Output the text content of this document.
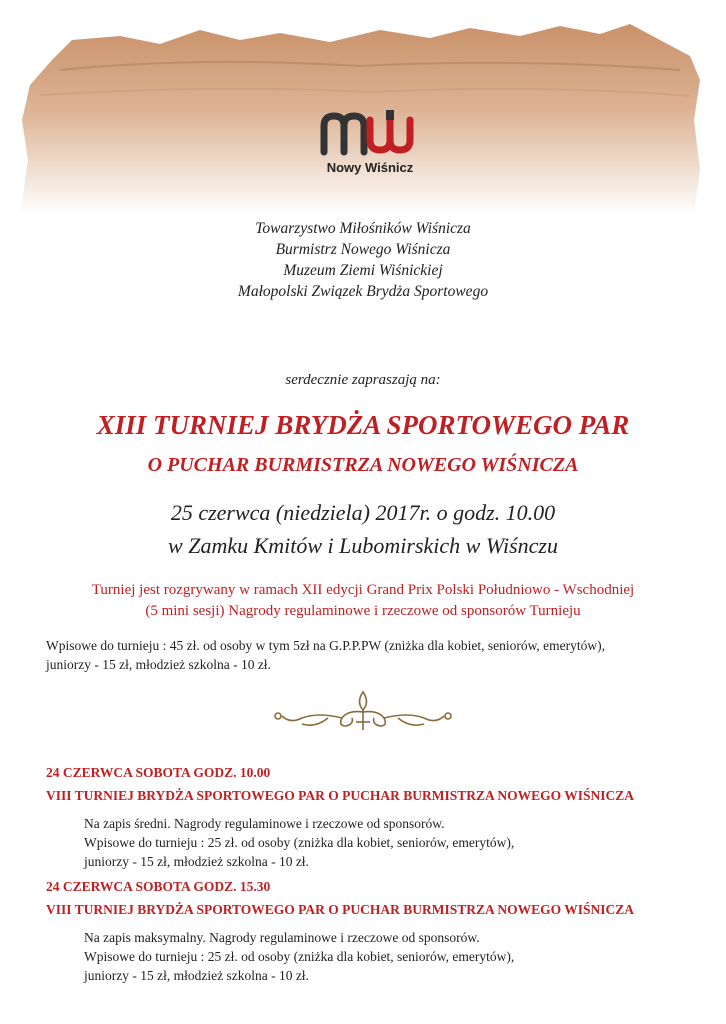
Nowy Wiśnicz
Towarzystwo Miłośników Wiśnicza
Burmistrz Nowego Wiśnicza
Muzeum Ziemi Wiśnickiej
Małopolski Związek Brydża Sportowego
serdecznie zapraszają na:
XIII TURNIEJ BRYDŻA SPORTOWEGO PAR
O PUCHAR BURMISTRZA NOWEGO WIŚNICZA
25 czerwca (niedziela) 2017r. o godz. 10.00
w Zamku Kmitów i Lubomirskich w Wiśnczu
Turniej jest rozgrywany w ramach XII edycji Grand Prix Polski Południowo - Wschodniej
(5 mini sesji) Nagrody regulaminowe i rzeczowe od sponsorów Turnieju
Wpisowe do turnieju : 45 zł. od osoby w tym 5zł na G.P.P.PW (zniżka dla kobiet, seniorów, emerytów),
juniorzy - 15 zł, młodzież szkolna - 10 zł.
24 CZERWCA SOBOTA GODZ. 10.00
VIII TURNIEJ BRYDŻA SPORTOWEGO PAR O PUCHAR BURMISTRZA NOWEGO WIŚNICZA
Na zapis średni. Nagrody regulaminowe i rzeczowe od sponsorów.
Wpisowe do turnieju : 25 zł. od osoby (zniżka dla kobiet, seniorów, emerytów),
juniorzy - 15 zł, młodzież szkolna - 10 zł.
24 CZERWCA SOBOTA GODZ. 15.30
VIII TURNIEJ BRYDŻA SPORTOWEGO PAR O PUCHAR BURMISTRZA NOWEGO WIŚNICZA
Na zapis maksymalny. Nagrody regulaminowe i rzeczowe od sponsorów.
Wpisowe do turnieju : 25 zł. od osoby (zniżka dla kobiet, seniorów, emerytów),
juniorzy - 15 zł, młodzież szkolna - 10 zł.
